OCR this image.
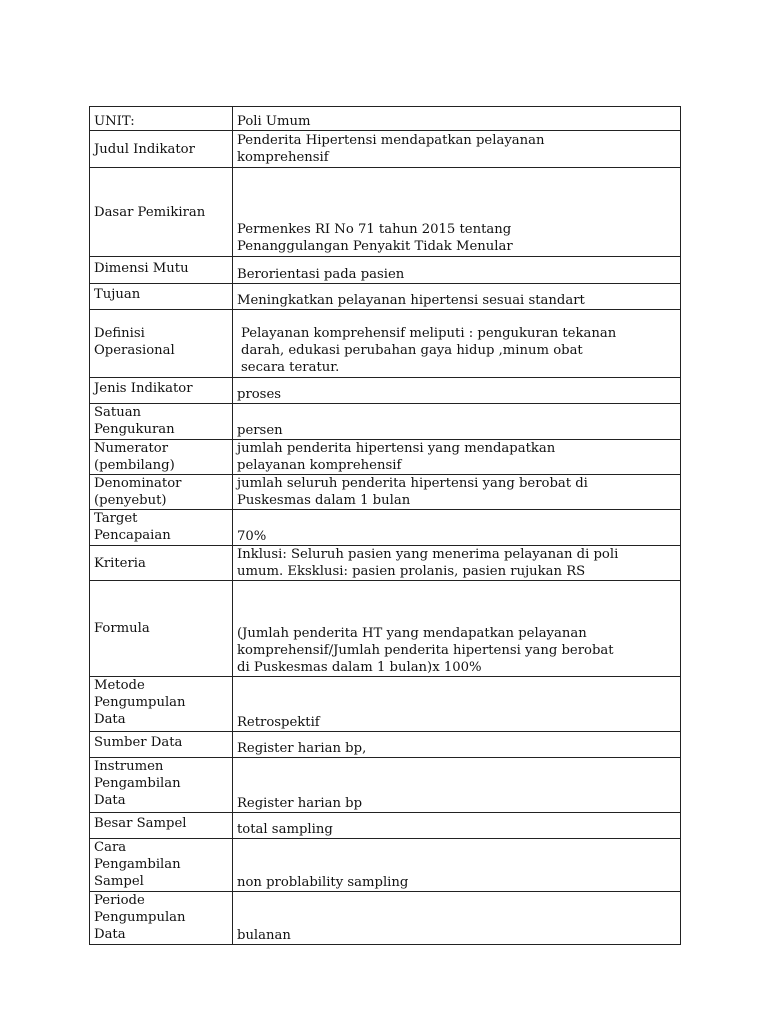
UNIT:	Poli Umum
Judul Indikator	Penderita Hipertensi mendapatkan pelayanan
komprehensif
Dasar Pemikiran	Permenkes RI No 71 tahun 2015 tentang
Penanggulangan Penyakit Tidak Menular
Dimensi Mutu	Berorientasi pada pasien
Tujuan	Meningkatkan pelayanan hipertensi sesuai standart
Definisi
Operasional	Pelayanan komprehensif meliputi : pengukuran tekanan
darah, edukasi perubahan gaya hidup ,minum obat
secara teratur.
Jenis Indikator	proses
Satuan
Pengukuran	persen
Numerator
(pembilang)	jumlah penderita hipertensi yang mendapatkan
pelayanan komprehensif
Denominator
(penyebut)	jumlah seluruh penderita hipertensi yang berobat di
Puskesmas dalam 1 bulan
Target
Pencapaian	70%
Kriteria	Inklusi: Seluruh pasien yang menerima pelayanan di poli
umum. Eksklusi: pasien prolanis, pasien rujukan RS
Formula	(Jumlah penderita HT yang mendapatkan pelayanan
komprehensif/Jumlah penderita hipertensi yang berobat
di Puskesmas dalam 1 bulan)x 100%
Metode
Pengumpulan
Data	Retrospektif
Sumber Data	Register harian bp,
Instrumen
Pengambilan
Data	Register harian bp
Besar Sampel	total sampling
Cara
Pengambilan
Sampel	non problability sampling
Periode
Pengumpulan
Data	bulanan
